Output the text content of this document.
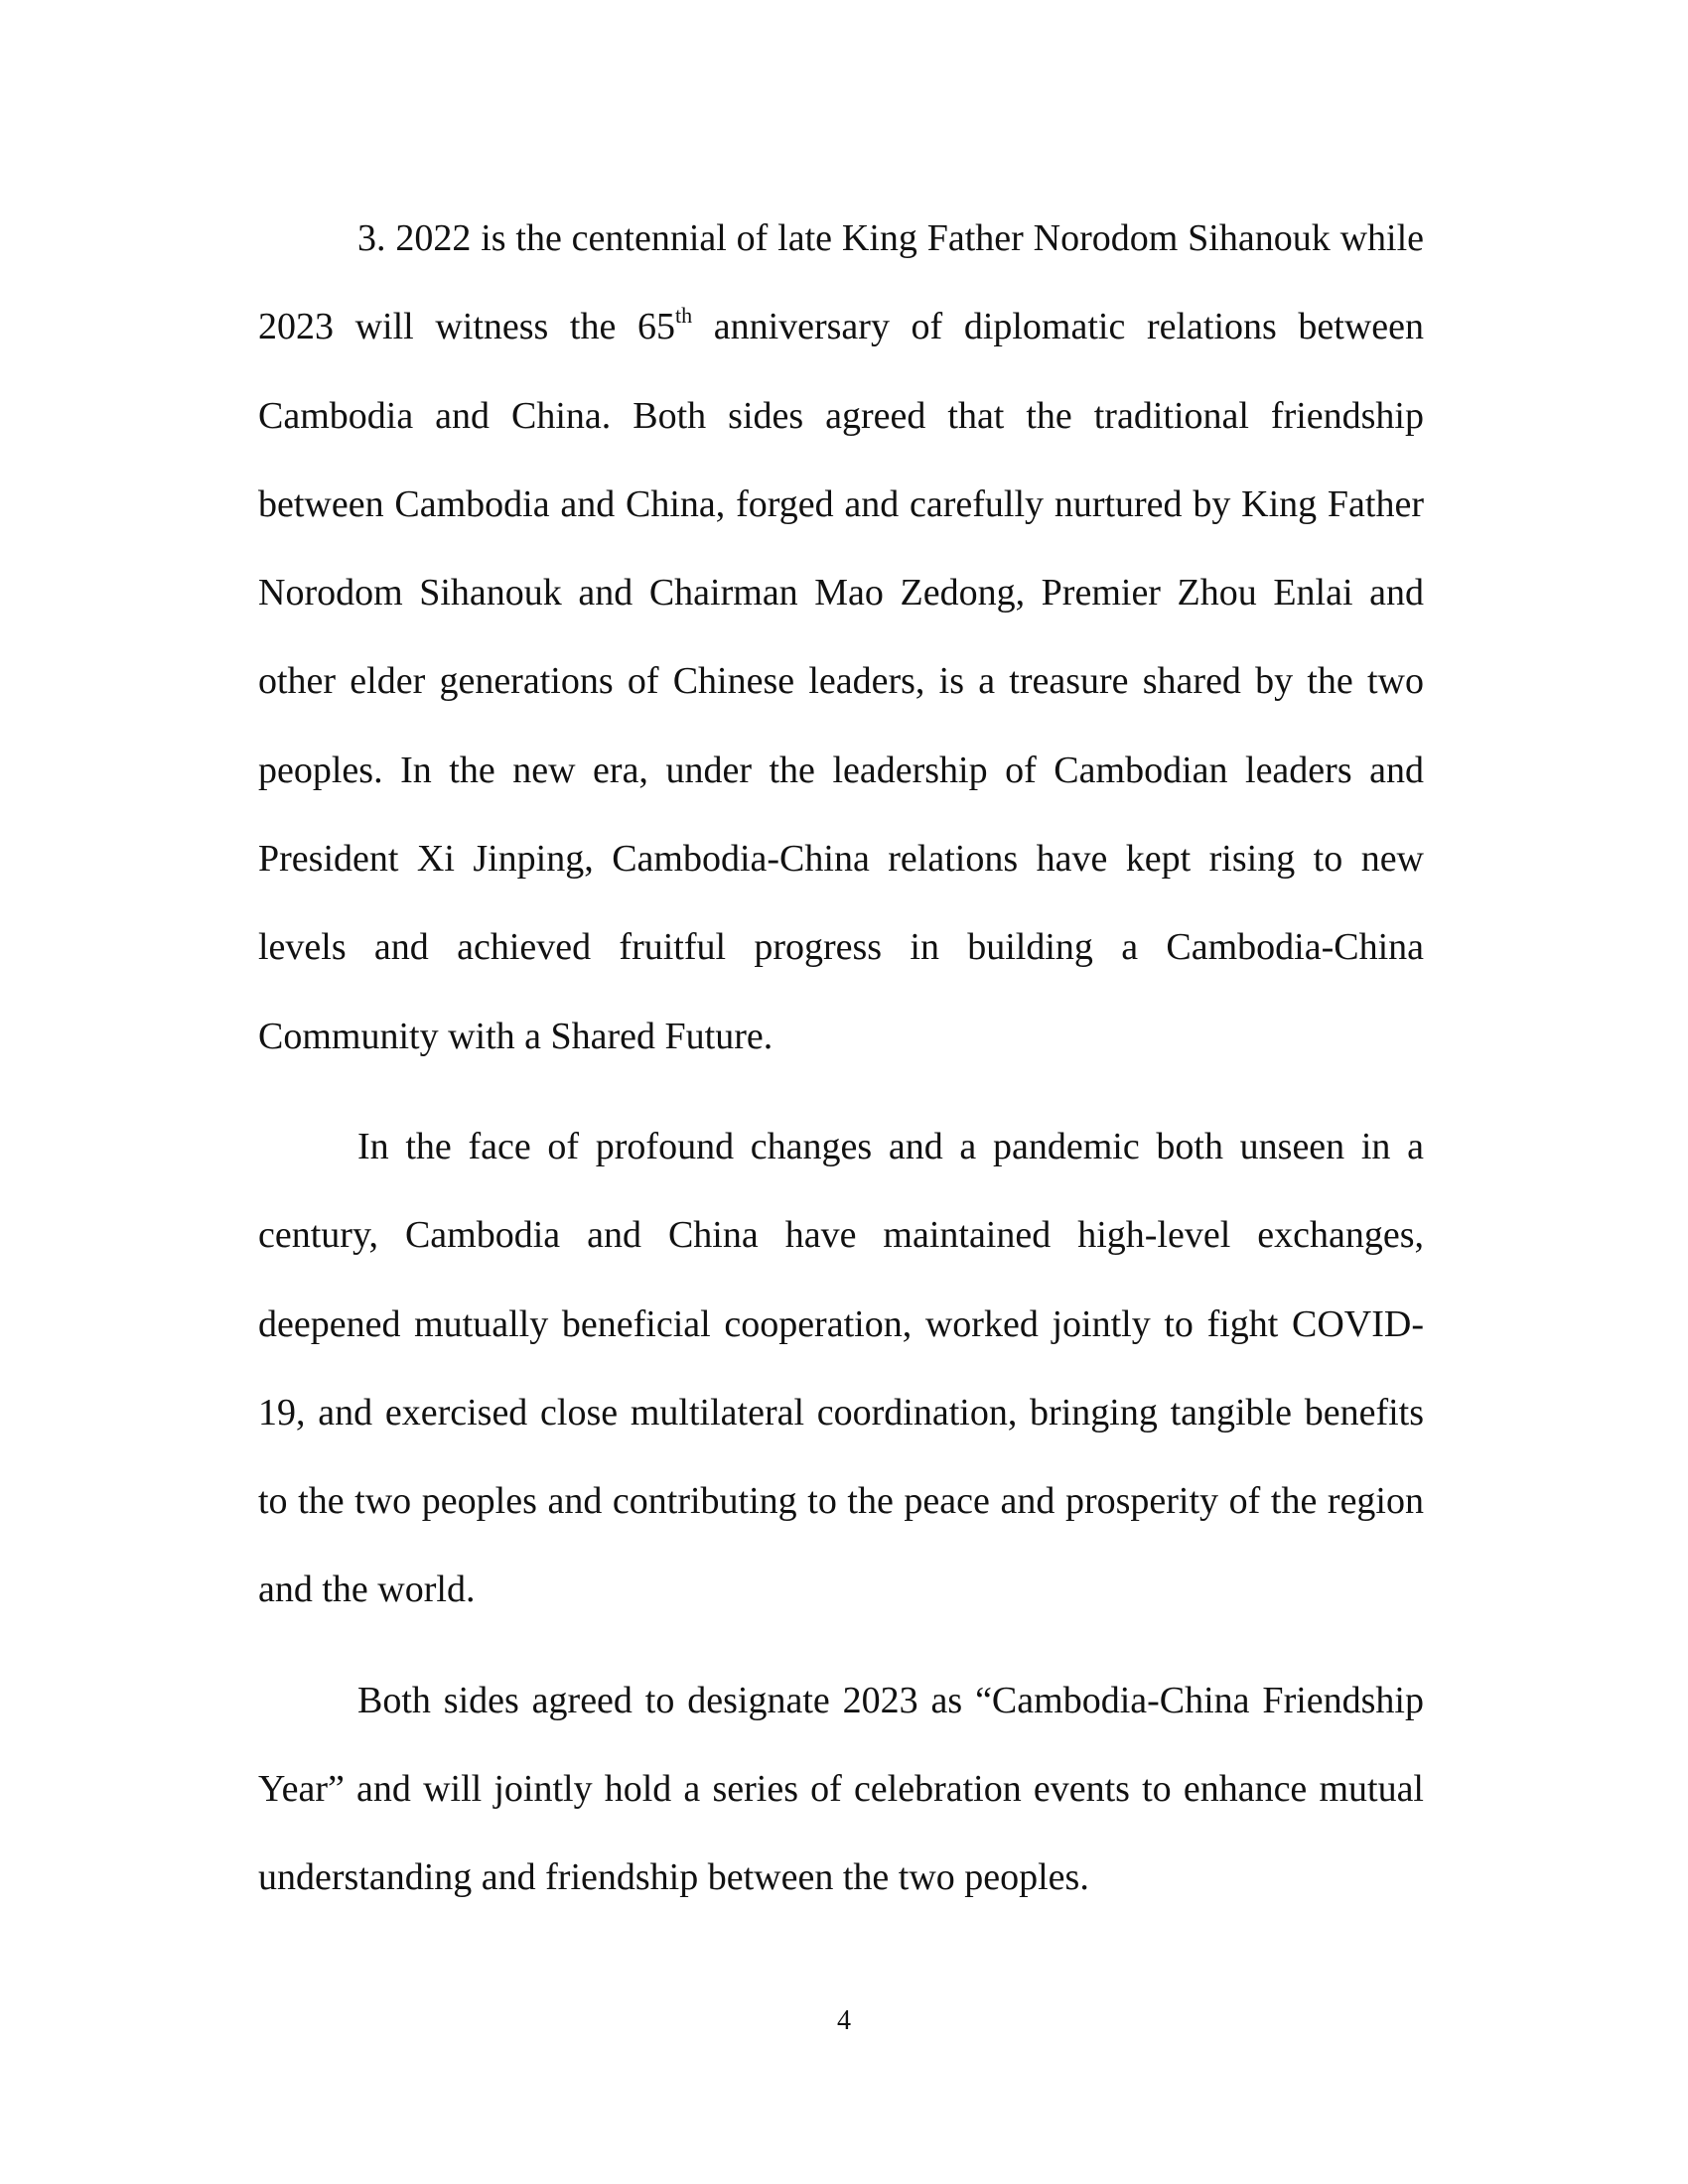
3. 2022 is the centennial of late King Father Norodom Sihanouk while 2023 will witness the 65th anniversary of diplomatic relations between Cambodia and China. Both sides agreed that the traditional friendship between Cambodia and China, forged and carefully nurtured by King Father Norodom Sihanouk and Chairman Mao Zedong, Premier Zhou Enlai and other elder generations of Chinese leaders, is a treasure shared by the two peoples. In the new era, under the leadership of Cambodian leaders and President Xi Jinping, Cambodia-China relations have kept rising to new levels and achieved fruitful progress in building a Cambodia-China Community with a Shared Future.

In the face of profound changes and a pandemic both unseen in a century, Cambodia and China have maintained high-level exchanges, deepened mutually beneficial cooperation, worked jointly to fight COVID-19, and exercised close multilateral coordination, bringing tangible benefits to the two peoples and contributing to the peace and prosperity of the region and the world.

Both sides agreed to designate 2023 as “Cambodia-China Friendship Year” and will jointly hold a series of celebration events to enhance mutual understanding and friendship between the two peoples.

4
